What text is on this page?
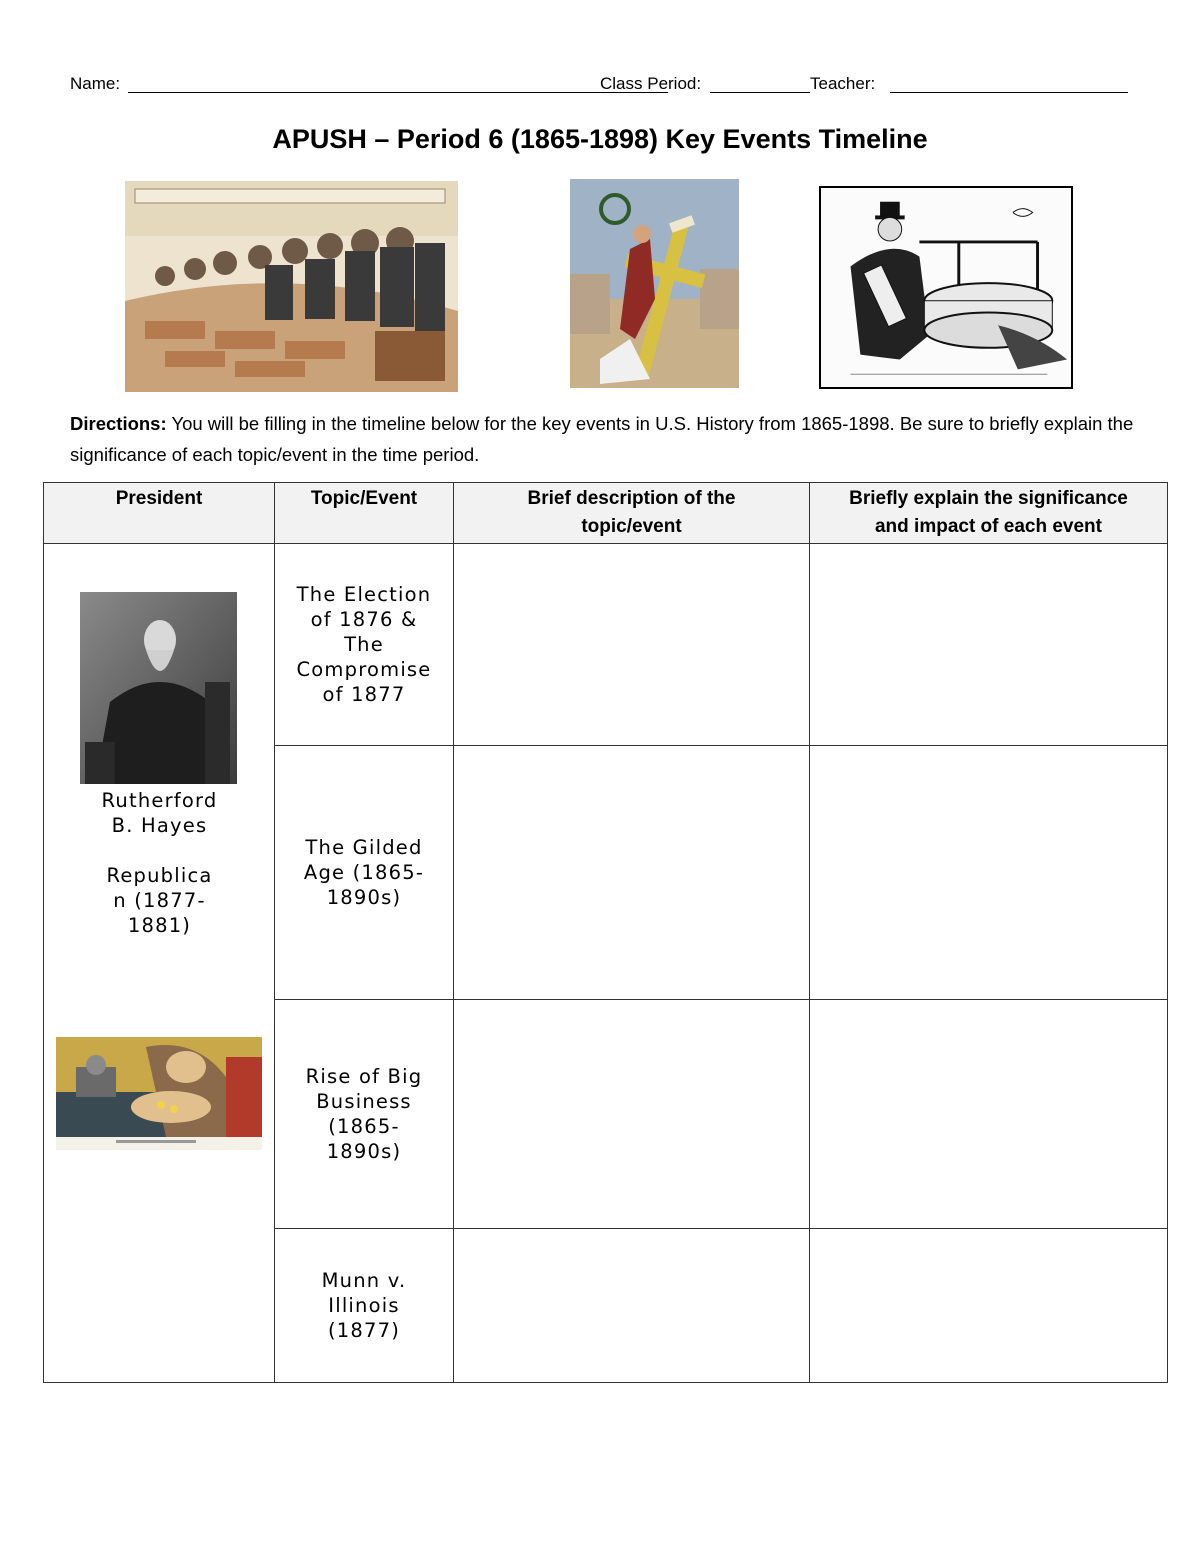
Name:	Class Period:	Teacher:
APUSH – Period 6 (1865-1898) Key Events Timeline
Directions: You will be filling in the timeline below for the key events in U.S. History from 1865-1898. Be sure to briefly explain the significance of each topic/event in the time period.
President	Topic/Event	Brief description of the topic/event	Briefly explain the significance and impact of each event

Rutherford
B. Hayes
Republica
n (1877-
1881)	The Election of 1876 & The Compromise of 1877		

	The Gilded Age (1865-1890s)		

	Rise of Big Business (1865-1890s)		

	Munn v. Illinois (1877)		
